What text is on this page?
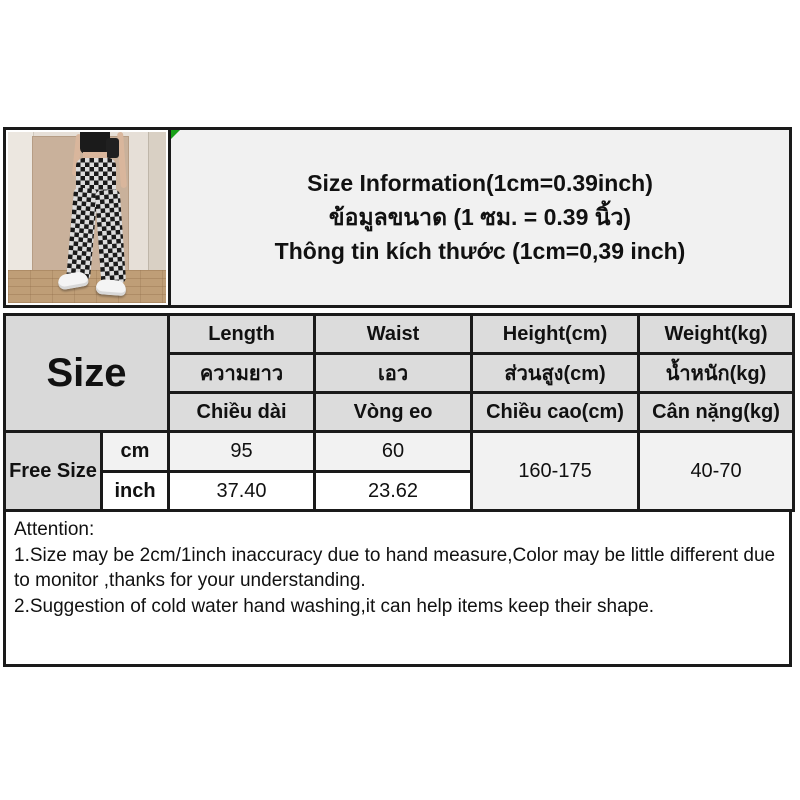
Size Information(1cm=0.39inch)
ข้อมูลขนาด (1 ซม. = 0.39 นิ้ว)
Thông tin kích thước (1cm=0,39 inch)
Size		Length	Waist	Height(cm)	Weight(kg)
		ความยาว	เอว	ส่วนสูง(cm)	น้ำหนัก(kg)
		Chiều dài	Vòng eo	Chiều cao(cm)	Cân nặng(kg)
Free Size	cm	95	60	160-175	40-70
	inch	37.40	23.62		
Attention:
1.Size may be 2cm/1inch inaccuracy due to hand measure,Color may be little different due to monitor ,thanks for your understanding.
2.Suggestion of cold water hand washing,it can help items keep their shape.
